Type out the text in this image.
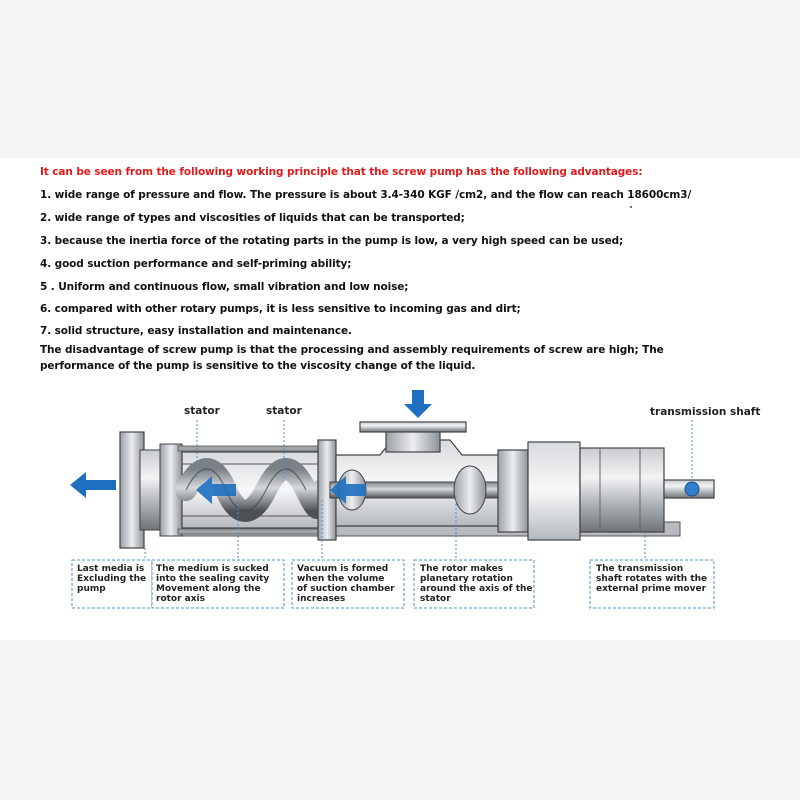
It can be seen from the following working principle that the screw pump has the following advantages:
1. wide range of pressure and flow. The pressure is about 3.4-340 KGF /cm2, and the flow can reach 18600cm3/
2. wide range of types and viscosities of liquids that can be transported;
3. because the inertia force of the rotating parts in the pump is low, a very high speed can be used;
4. good suction performance and self-priming ability;
5 . Uniform and continuous flow, small vibration and low noise;
6. compared with other rotary pumps, it is less sensitive to incoming gas and dirt;
7. solid structure, easy installation and maintenance.
The disadvantage of screw pump is that the processing and assembly requirements of screw are high; The
performance of the pump is sensitive to the viscosity change of the liquid.
stator	stator	transmission shaft
Last media is
Excluding the
pump
The medium is sucked
into the sealing cavity
Movement along the
rotor axis
Vacuum is formed
when the volume
of suction chamber
increases
The rotor makes
planetary rotation
around the axis of the
stator
The transmission
shaft rotates with the
external prime mover
